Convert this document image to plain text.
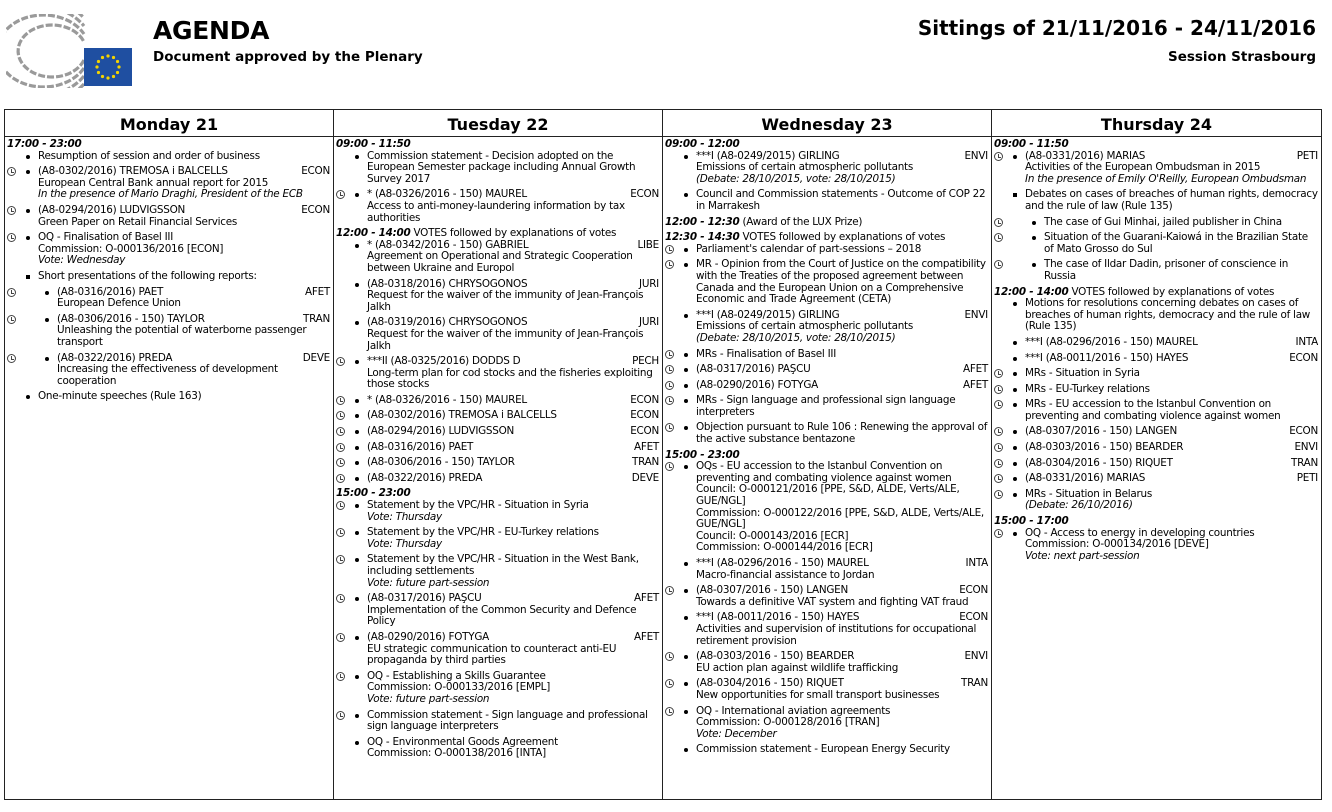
AGENDA
Document approved by the Plenary
Sittings of 21/11/2016 - 24/11/2016
Session Strasbourg
Monday 21
17:00 - 23:00
Resumption of session and order of business
(A8-0302/2016) TREMOSA i BALCELLS	ECON
European Central Bank annual report for 2015
In the presence of Mario Draghi, President of the ECB
(A8-0294/2016) LUDVIGSSON	ECON
Green Paper on Retail Financial Services
OQ - Finalisation of Basel III
Commission: O-000136/2016 [ECON]
Vote: Wednesday
Short presentations of the following reports:
(A8-0316/2016) PAET	AFET
European Defence Union
(A8-0306/2016 - 150) TAYLOR	TRAN
Unleashing the potential of waterborne passenger transport
(A8-0322/2016) PREDA	DEVE
Increasing the effectiveness of development cooperation
One-minute speeches (Rule 163)
Tuesday 22
09:00 - 11:50
Commission statement - Decision adopted on the European Semester package including Annual Growth Survey 2017
* (A8-0326/2016 - 150) MAUREL	ECON
Access to anti-money-laundering information by tax authorities
12:00 - 14:00 VOTES followed by explanations of votes
* (A8-0342/2016 - 150) GABRIEL	LIBE
Agreement on Operational and Strategic Cooperation between Ukraine and Europol
(A8-0318/2016) CHRYSOGONOS	JURI
Request for the waiver of the immunity of Jean-François Jalkh
(A8-0319/2016) CHRYSOGONOS	JURI
Request for the waiver of the immunity of Jean-François Jalkh
***II (A8-0325/2016) DODDS D	PECH
Long-term plan for cod stocks and the fisheries exploiting those stocks
* (A8-0326/2016 - 150) MAUREL	ECON
(A8-0302/2016) TREMOSA i BALCELLS	ECON
(A8-0294/2016) LUDVIGSSON	ECON
(A8-0316/2016) PAET	AFET
(A8-0306/2016 - 150) TAYLOR	TRAN
(A8-0322/2016) PREDA	DEVE
15:00 - 23:00
Statement by the VPC/HR - Situation in Syria
Vote: Thursday
Statement by the VPC/HR - EU-Turkey relations
Vote: Thursday
Statement by the VPC/HR - Situation in the West Bank, including settlements
Vote: future part-session
(A8-0317/2016) PAŞCU	AFET
Implementation of the Common Security and Defence Policy
(A8-0290/2016) FOTYGA	AFET
EU strategic communication to counteract anti-EU propaganda by third parties
OQ - Establishing a Skills Guarantee
Commission: O-000133/2016 [EMPL]
Vote: future part-session
Commission statement - Sign language and professional sign language interpreters
OQ - Environmental Goods Agreement
Commission: O-000138/2016 [INTA]
Wednesday 23
09:00 - 12:00
***I (A8-0249/2015) GIRLING	ENVI
Emissions of certain atmospheric pollutants
(Debate: 28/10/2015, vote: 28/10/2015)
Council and Commission statements - Outcome of COP 22 in Marrakesh
12:00 - 12:30 (Award of the LUX Prize)
12:30 - 14:30 VOTES followed by explanations of votes
Parliament's calendar of part-sessions – 2018
MR - Opinion from the Court of Justice on the compatibility with the Treaties of the proposed agreement between Canada and the European Union on a Comprehensive Economic and Trade Agreement (CETA)
***I (A8-0249/2015) GIRLING	ENVI
Emissions of certain atmospheric pollutants
(Debate: 28/10/2015, vote: 28/10/2015)
MRs - Finalisation of Basel III
(A8-0317/2016) PAŞCU	AFET
(A8-0290/2016) FOTYGA	AFET
MRs - Sign language and professional sign language interpreters
Objection pursuant to Rule 106 : Renewing the approval of the active substance bentazone
15:00 - 23:00
OQs - EU accession to the Istanbul Convention on preventing and combating violence against women
Council: O-000121/2016 [PPE, S&D, ALDE, Verts/ALE, GUE/NGL]
Commission: O-000122/2016 [PPE, S&D, ALDE, Verts/ALE, GUE/NGL]
Council: O-000143/2016 [ECR]
Commission: O-000144/2016 [ECR]
***I (A8-0296/2016 - 150) MAUREL	INTA
Macro-financial assistance to Jordan
(A8-0307/2016 - 150) LANGEN	ECON
Towards a definitive VAT system and fighting VAT fraud
***I (A8-0011/2016 - 150) HAYES	ECON
Activities and supervision of institutions for occupational retirement provision
(A8-0303/2016 - 150) BEARDER	ENVI
EU action plan against wildlife trafficking
(A8-0304/2016 - 150) RIQUET	TRAN
New opportunities for small transport businesses
OQ - International aviation agreements
Commission: O-000128/2016 [TRAN]
Vote: December
Commission statement - European Energy Security
Thursday 24
09:00 - 11:50
(A8-0331/2016) MARIAS	PETI
Activities of the European Ombudsman in 2015
In the presence of Emily O'Reilly, European Ombudsman
Debates on cases of breaches of human rights, democracy and the rule of law (Rule 135)
The case of Gui Minhai, jailed publisher in China
Situation of the Guarani-Kaiowá in the Brazilian State of Mato Grosso do Sul
The case of Ildar Dadin, prisoner of conscience in Russia
12:00 - 14:00 VOTES followed by explanations of votes
Motions for resolutions concerning debates on cases of breaches of human rights, democracy and the rule of law (Rule 135)
***I (A8-0296/2016 - 150) MAUREL	INTA
***I (A8-0011/2016 - 150) HAYES	ECON
MRs - Situation in Syria
MRs - EU-Turkey relations
MRs - EU accession to the Istanbul Convention on preventing and combating violence against women
(A8-0307/2016 - 150) LANGEN	ECON
(A8-0303/2016 - 150) BEARDER	ENVI
(A8-0304/2016 - 150) RIQUET	TRAN
(A8-0331/2016) MARIAS	PETI
MRs - Situation in Belarus
(Debate: 26/10/2016)
15:00 - 17:00
OQ - Access to energy in developing countries
Commission: O-000134/2016 [DEVE]
Vote: next part-session
